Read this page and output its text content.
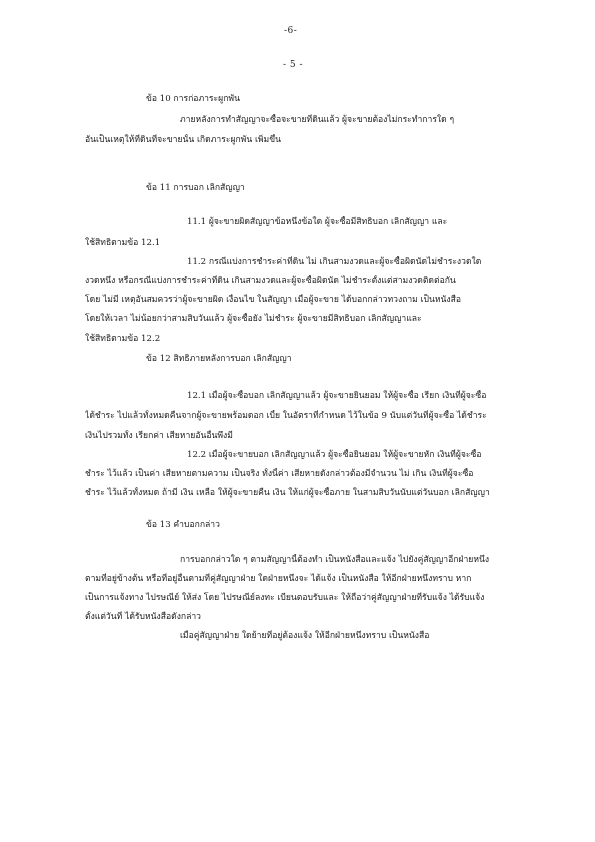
-6-
- 5 -
ข้อ 10 การก่อภาระผูกพัน
ภายหลังการทำสัญญาจะซื้อจะขายที่ดินแล้ว ผู้จะขายต้องไม่กระทำการใด ๆ
อันเป็นเหตุให้ที่ดินที่จะขายนั้น เกิดภาระผูกพัน เพิ่มขึ้น
ข้อ 11 การบอก เลิกสัญญา
11.1 ผู้จะขายผิดสัญญาข้อหนึ่งข้อใด ผู้จะซื้อมีสิทธิบอก เลิกสัญญา และ
ใช้สิทธิตามข้อ 12.1
11.2 กรณีแบ่งการชำระค่าที่ดิน ไม่ เกินสามงวดและผู้จะซื้อผิดนัดไม่ชำระงวดใด
งวดหนึ่ง หรือกรณีแบ่งการชำระค่าที่ดิน เกินสามงวดและผู้จะซื้อผิดนัด ไม่ชำระตั้งแต่สามงวดติดต่อกัน
โดย ไม่มี เหตุอันสมควรว่าผู้จะขายผิด เงื่อนไข ในสัญญา เมื่อผู้จะขาย ได้บอกกล่าวทวงถาม เป็นหนังสือ
โดยให้เวลา ไม่น้อยกว่าสามสิบวันแล้ว ผู้จะซื้อยัง ไม่ชำระ ผู้จะขายมีสิทธิบอก เลิกสัญญาและ
ใช้สิทธิตามข้อ 12.2
ข้อ 12 สิทธิภายหลังการบอก เลิกสัญญา
12.1 เมื่อผู้จะซื้อบอก เลิกสัญญาแล้ว ผู้จะขายยินยอม ให้ผู้จะซื้อ เรียก เงินที่ผู้จะซื้อ
ได้ชำระ ไปแล้วทั้งหมดคืนจากผู้จะขายพร้อมดอก เบี้ย ในอัตราที่กำหนด ไว้ในข้อ 9 นับแต่วันที่ผู้จะซื้อ ได้ชำระ
เงินไปรวมทั้ง เรียกค่า เสียหายอันอื่นพึงมี
12.2 เมื่อผู้จะขายบอก เลิกสัญญาแล้ว ผู้จะซื้อยินยอม ให้ผู้จะขายหัก เงินที่ผู้จะซื้อ
ชำระ ไว้แล้ว เป็นค่า เสียหายตามความ เป็นจริง ทั้งนี้ค่า เสียหายดังกล่าวต้องมีจำนวน ไม่ เกิน เงินที่ผู้จะซื้อ
ชำระ ไว้แล้วทั้งหมด ถ้ามี เงิน เหลือ ให้ผู้จะขายคืน เงิน ให้แก่ผู้จะซื้อภาย ในสามสิบวันนับแต่วันบอก เลิกสัญญา
ข้อ 13 คำบอกกล่าว
การบอกกล่าวใด ๆ ตามสัญญานี้ต้องทำ เป็นหนังสือและแจ้ง ไปยังคู่สัญญาอีกฝ่ายหนึ่ง
ตามที่อยู่ข้างต้น หรือที่อยู่อื่นตามที่คู่สัญญาฝ่าย ใดฝ่ายหนึ่งจะ ได้แจ้ง เป็นหนังสือ ให้อีกฝ่ายหนึ่งทราบ หาก
เป็นการแจ้งทาง ไปรษณีย์ ให้ส่ง โดย ไปรษณีย์ลงทะ เบียนตอบรับและ ให้ถือว่าคู่สัญญาฝ่ายที่รับแจ้ง ได้รับแจ้ง
ตั้งแต่วันที่ ได้รับหนังสือดังกล่าว
เมื่อคู่สัญญาฝ่าย ใดย้ายที่อยู่ต้องแจ้ง ให้อีกฝ่ายหนึ่งทราบ เป็นหนังสือ
